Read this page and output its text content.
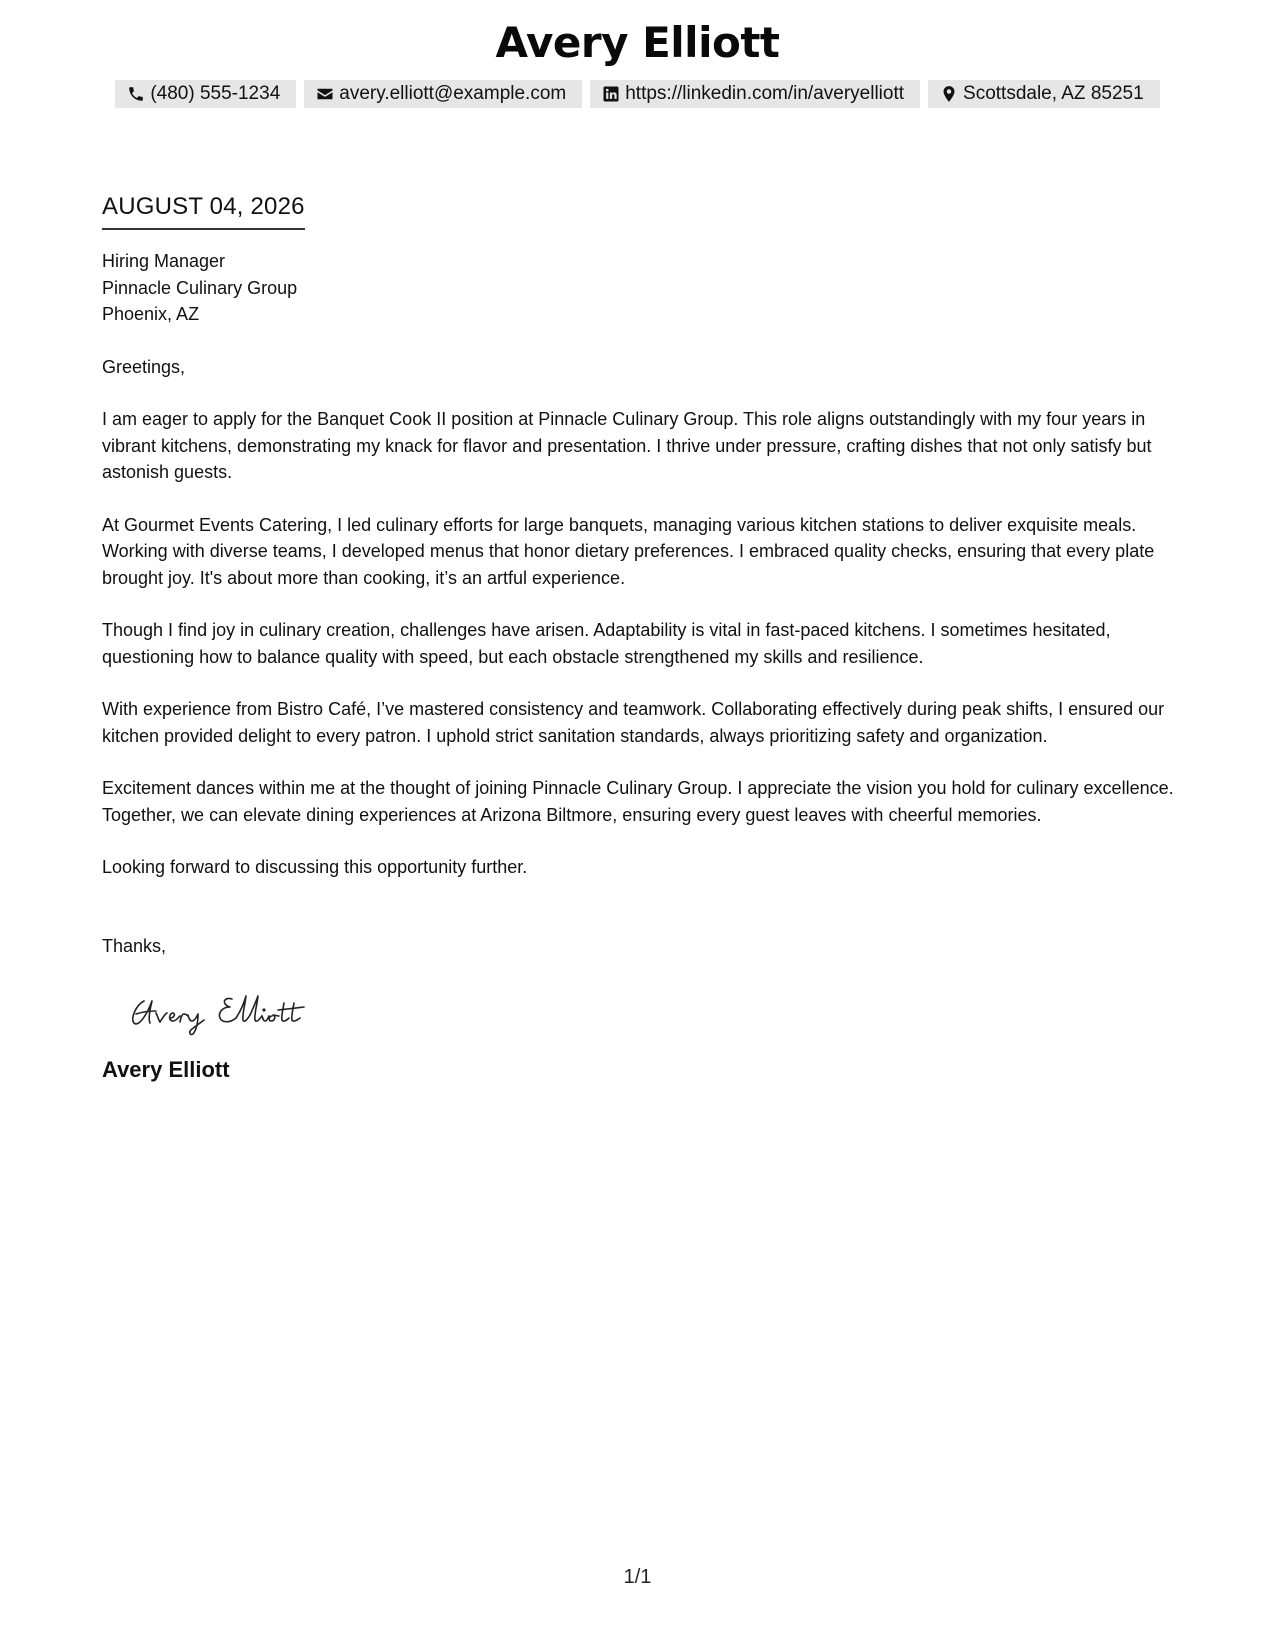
Avery Elliott
(480) 555-1234	avery.elliott@example.com	https://linkedin.com/in/averyelliott	Scottsdale, AZ 85251
AUGUST 04, 2026
Hiring Manager
Pinnacle Culinary Group
Phoenix, AZ
Greetings,
I am eager to apply for the Banquet Cook II position at Pinnacle Culinary Group. This role aligns outstandingly with my four years in vibrant kitchens, demonstrating my knack for flavor and presentation. I thrive under pressure, crafting dishes that not only satisfy but astonish guests.
At Gourmet Events Catering, I led culinary efforts for large banquets, managing various kitchen stations to deliver exquisite meals. Working with diverse teams, I developed menus that honor dietary preferences. I embraced quality checks, ensuring that every plate brought joy. It's about more than cooking, it’s an artful experience.
Though I find joy in culinary creation, challenges have arisen. Adaptability is vital in fast-paced kitchens. I sometimes hesitated, questioning how to balance quality with speed, but each obstacle strengthened my skills and resilience.
With experience from Bistro Café, I’ve mastered consistency and teamwork. Collaborating effectively during peak shifts, I ensured our kitchen provided delight to every patron. I uphold strict sanitation standards, always prioritizing safety and organization.
Excitement dances within me at the thought of joining Pinnacle Culinary Group. I appreciate the vision you hold for culinary excellence. Together, we can elevate dining experiences at Arizona Biltmore, ensuring every guest leaves with cheerful memories.
Looking forward to discussing this opportunity further.
Thanks,
Avery Elliott
1/1
